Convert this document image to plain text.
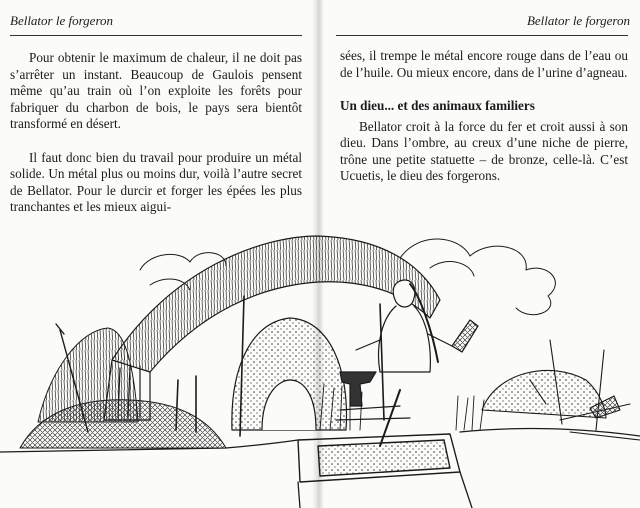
Bellator le forgeron

Pour obtenir le maximum de chaleur, il ne doit pas s’arrêter un instant. Beaucoup de Gaulois pensent même qu’au train où l’on exploite les forêts pour fabriquer du charbon de bois, le pays sera bientôt transformé en désert.

Il faut donc bien du travail pour produire un métal solide. Un métal plus ou moins dur, voilà l’autre secret de Bellator. Pour le durcir et forger les épées les plus tranchantes et les mieux aigui-

Bellator le forgeron

sées, il trempe le métal encore rouge dans de l’eau ou de l’huile. Ou mieux encore, dans de l’urine d’agneau.

Un dieu... et des animaux familiers

Bellator croit à la force du fer et croit aussi à son dieu. Dans l’ombre, au creux d’une niche de pierre, trône une petite statuette – de bronze, celle-là. C’est Ucuetis, le dieu des forgerons.
